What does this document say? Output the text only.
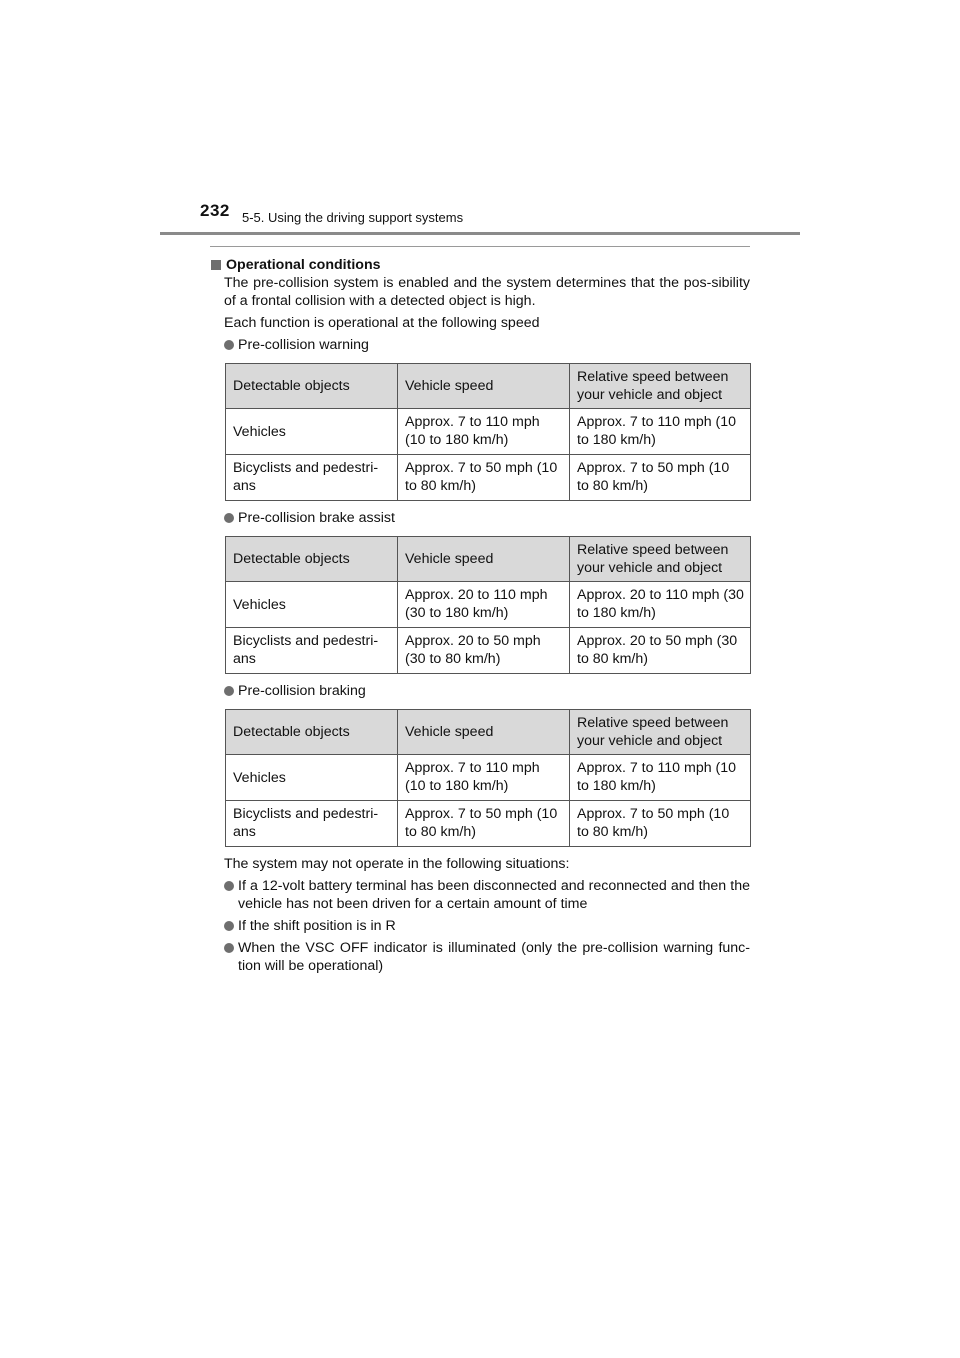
232 5-5. Using the driving support systems
Operational conditions
The pre-collision system is enabled and the system determines that the pos-sibility of a frontal collision with a detected object is high.
Each function is operational at the following speed
Pre-collision warning
Detectable objects	Vehicle speed	Relative speed between your vehicle and object
Vehicles	Approx. 7 to 110 mph (10 to 180 km/h)	Approx. 7 to 110 mph (10 to 180 km/h)
Bicyclists and pedestri-ans	Approx. 7 to 50 mph (10 to 80 km/h)	Approx. 7 to 50 mph (10 to 80 km/h)
Pre-collision brake assist
Detectable objects	Vehicle speed	Relative speed between your vehicle and object
Vehicles	Approx. 20 to 110 mph (30 to 180 km/h)	Approx. 20 to 110 mph (30 to 180 km/h)
Bicyclists and pedestri-ans	Approx. 20 to 50 mph (30 to 80 km/h)	Approx. 20 to 50 mph (30 to 80 km/h)
Pre-collision braking
Detectable objects	Vehicle speed	Relative speed between your vehicle and object
Vehicles	Approx. 7 to 110 mph (10 to 180 km/h)	Approx. 7 to 110 mph (10 to 180 km/h)
Bicyclists and pedestri-ans	Approx. 7 to 50 mph (10 to 80 km/h)	Approx. 7 to 50 mph (10 to 80 km/h)
The system may not operate in the following situations:
If a 12-volt battery terminal has been disconnected and reconnected and then the vehicle has not been driven for a certain amount of time
If the shift position is in R
When the VSC OFF indicator is illuminated (only the pre-collision warning func-tion will be operational)
